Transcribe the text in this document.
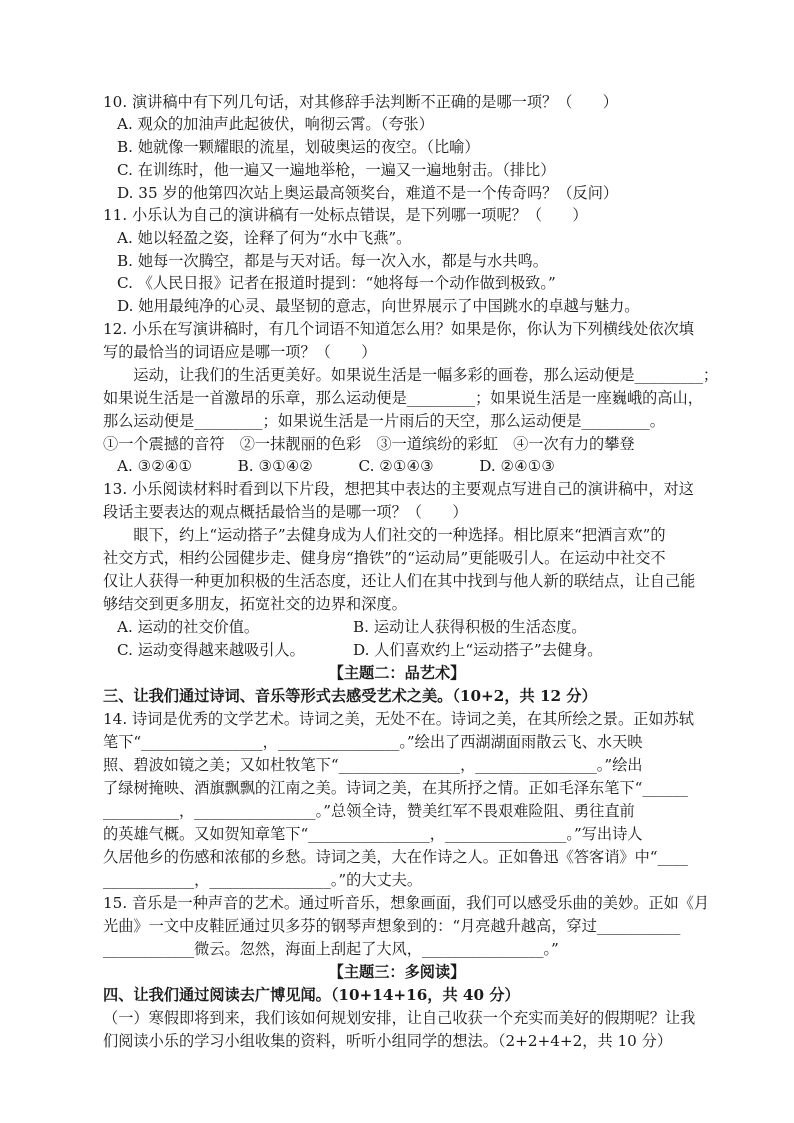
10. 演讲稿中有下列几句话，对其修辞手法判断不正确的是哪一项？（　　）
A. 观众的加油声此起彼伏，响彻云霄。（夸张）
B. 她就像一颗耀眼的流星，划破奥运的夜空。（比喻）
C. 在训练时，他一遍又一遍地举枪，一遍又一遍地射击。（排比）
D. 35 岁的他第四次站上奥运最高领奖台，难道不是一个传奇吗？（反问）
11. 小乐认为自己的演讲稿有一处标点错误，是下列哪一项呢？（　　）
A. 她以轻盈之姿，诠释了何为“水中飞燕”。
B. 她每一次腾空，都是与天对话。每一次入水，都是与水共鸣。
C. 《人民日报》记者在报道时提到：“她将每一个动作做到极致。”
D. 她用最纯净的心灵、最坚韧的意志，向世界展示了中国跳水的卓越与魅力。
12. 小乐在写演讲稿时，有几个词语不知道怎么用？如果是你，你认为下列横线处依次填
写的最恰当的词语应是哪一项？（　　）
　　运动，让我们的生活更美好。如果说生活是一幅多彩的画卷，那么运动便是_________；
如果说生活是一首激昂的乐章，那么运动便是_________；如果说生活是一座巍峨的高山，
那么运动便是_________；如果说生活是一片雨后的天空，那么运动便是_________。
①一个震撼的音符　②一抹靓丽的色彩　③一道缤纷的彩虹　④一次有力的攀登
A. ③②④①　　　B. ③①④②　　　C. ②①④③　　　D. ②④①③
13. 小乐阅读材料时看到以下片段，想把其中表达的主要观点写进自己的演讲稿中，对这
段话主要表达的观点概括最恰当的是哪一项？（　　）
　　眼下，约上“运动搭子”去健身成为人们社交的一种选择。相比原来“把酒言欢”的
社交方式，相约公园健步走、健身房“撸铁”的“运动局”更能吸引人。在运动中社交不
仅让人获得一种更加积极的生活态度，还让人们在其中找到与他人新的联结点，让自己能
够结交到更多朋友，拓宽社交的边界和深度。
A. 运动的社交价值。	B. 运动让人获得积极的生活态度。
C. 运动变得越来越吸引人。	D. 人们喜欢约上“运动搭子”去健身。
【主题二：品艺术】
三、让我们通过诗词、音乐等形式去感受艺术之美。（10+2，共 12 分）
14. 诗词是优秀的文学艺术。诗词之美，无处不在。诗词之美，在其所绘之景。正如苏轼
笔下“________________，________________。”绘出了西湖湖面雨散云飞、水天映
照、碧波如镜之美；又如杜牧笔下“________________，________________。”绘出
了绿树掩映、酒旗飘飘的江南之美。诗词之美，在其所抒之情。正如毛泽东笔下“______
__________，________________。”总领全诗，赞美红军不畏艰难险阻、勇往直前
的英雄气概。又如贺知章笔下“________________，________________。”写出诗人
久居他乡的伤感和浓郁的乡愁。诗词之美，大在作诗之人。正如鲁迅《答客诮》中“____
____________，________________。”的大丈夫。
15. 音乐是一种声音的艺术。通过听音乐，想象画面，我们可以感受乐曲的美妙。正如《月
光曲》一文中皮鞋匠通过贝多芬的钢琴声想象到的：“月亮越升越高，穿过___________
____________微云。忽然，海面上刮起了大风，________________。”
【主题三：多阅读】
四、让我们通过阅读去广博见闻。（10+14+16，共 40 分）
（一）寒假即将到来，我们该如何规划安排，让自己收获一个充实而美好的假期呢？让我
们阅读小乐的学习小组收集的资料，听听小组同学的想法。（2+2+4+2，共 10 分）
